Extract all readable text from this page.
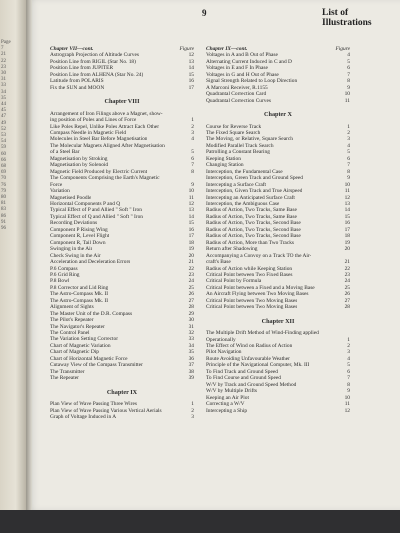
Page
7
21
22
23
30
31
33
34
35
44
45
47
49
52
53
54
59
60
66
68
69
70
76
79
80
81
83
86
91
96
9	List of Illustrations
Chapter VII—cont.	Figure
Astrograph Projection of Altitude Curves	12
Position Line from RIGIL (Star No. 18)	13
Position Line from JUPITER	14
Position Line from ALHENA (Star No. 24)	15
Latitude from POLARIS	16
Fix the SUN and MOON	17
Chapter VIII
Arrangement of Iron Filings above a Magnet, show-
ing position of Poles and Lines of Force	1
Like Poles Repel, Unlike Poles Attract Each Other	2
Compass Needle in Magnetic Field	3
Molecules in Steel Bar Before Magnetisation	4
The Molecular Magnets Aligned After Magnetisation
of a Steel Bar	5
Magnetisation by Stroking	6
Magnetisation by Solenoid	7
Magnetic Field Produced by Electric Current	8
The Components Comprising the Earth's Magnetic
Force	9
Variation	10
Magnetised Poodle	11
Horizontal Components P and Q	12
Typical Effect of P and Allied " Soft " Iron	13
Typical Effect of Q and Allied " Soft " Iron	14
Recording Deviations	15
Component P Rising Wing	16
Component R, Level Flight	17
Component R, Tail Down	18
Swinging in the Air	19
Check Swing in the Air	20
Acceleration and Deceleration Errors	21
P.6 Compass	22
P.6 Grid Ring	23
P.8 Bowl	24
P.8 Corrector and Lid Ring	25
The Astro-Compass Mk. II	26
The Astro-Compass Mk. II	27
Alignment of Sights	28
The Master Unit of the D.R. Compass	29
The Pilot's Repeater	30
The Navigator's Repeater	31
The Control Panel	32
The Variation Setting Corrector	33
Chart of Magnetic Variation	34
Chart of Magnetic Dip	35
Chart of Horizontal Magnetic Force	36
Cutaway View of the Compass Transmitter	37
The Transmitter	38
The Repeater	39
Chapter IX
Plan View of Wave Passing Three Wires	1
Plan View of Wave Passing Various Vertical Aerials	2
Graph of Voltage Induced in A	3
Chapter IX—cont.	Figure
Voltages in A and B Out of Phase	4
Alternating Current Induced in C and D	5
Voltages in E and F In Phase	6
Voltages in G and H Out of Phase	7
Signal Strength Related to Loop Direction	8
A Marconi Receiver, R.1155	9
Quadrantal Correction Card	10
Quadrantal Correction Curves	11
Chapter X
Course for Reverse Track	1
The Fixed Square Search	2
The Moving, or Relative, Square Search	3
Modified Parallel Track Search	4
Patrolling a Constant Bearing	5
Keeping Station	6
Changing Station	7
Interception, the Fundamental Case	8
Interception, Green Track and Ground Speed	9
Intercepting a Surface Craft	10
Interception, Given Track and True Airspeed	11
Intercepting an Anticipated Surface Craft	12
Interception, the Ambiguous Case	13
Radius of Action, Two Tracks, Same Base	14
Radius of Action, Two Tracks, Same Base	15
Radius of Action, Two Tracks, Second Base	16
Radius of Action, Two Tracks, Second Base	17
Radius of Action, Two Tracks, Second Base	18
Radius of Action, More than Two Tracks	19
Return after Shadowing	20
Accompanying a Convoy on a Track TO the Air-
craft's Base	21
Radius of Action while Keeping Station	22
Critical Point between Two Fixed Bases	23
Critical Point by Formula	24
Critical Point between a Fixed and a Moving Base	25
An Aircraft Flying between Two Moving Bases	26
Critical Point between Two Moving Bases	27
Critical Point between Two Moving Bases	28
Chapter XII
The Multiple Drift Method of Wind-Finding applied
Operationally	1
The Effect of Wind on Radius of Action	2
Pilot Navigation	3
Route Avoiding Unfavourable Weather	4
Principle of the Navigational Computer, Mk. III	5
To Find Track and Ground Speed	6
To Find Course and Ground Speed	7
W/V by Track and Ground Speed Method	8
W/V by Multiple Drifts	9
Keeping an Air Plot	10
Correcting a W/V	11
Intercepting a Ship	12
